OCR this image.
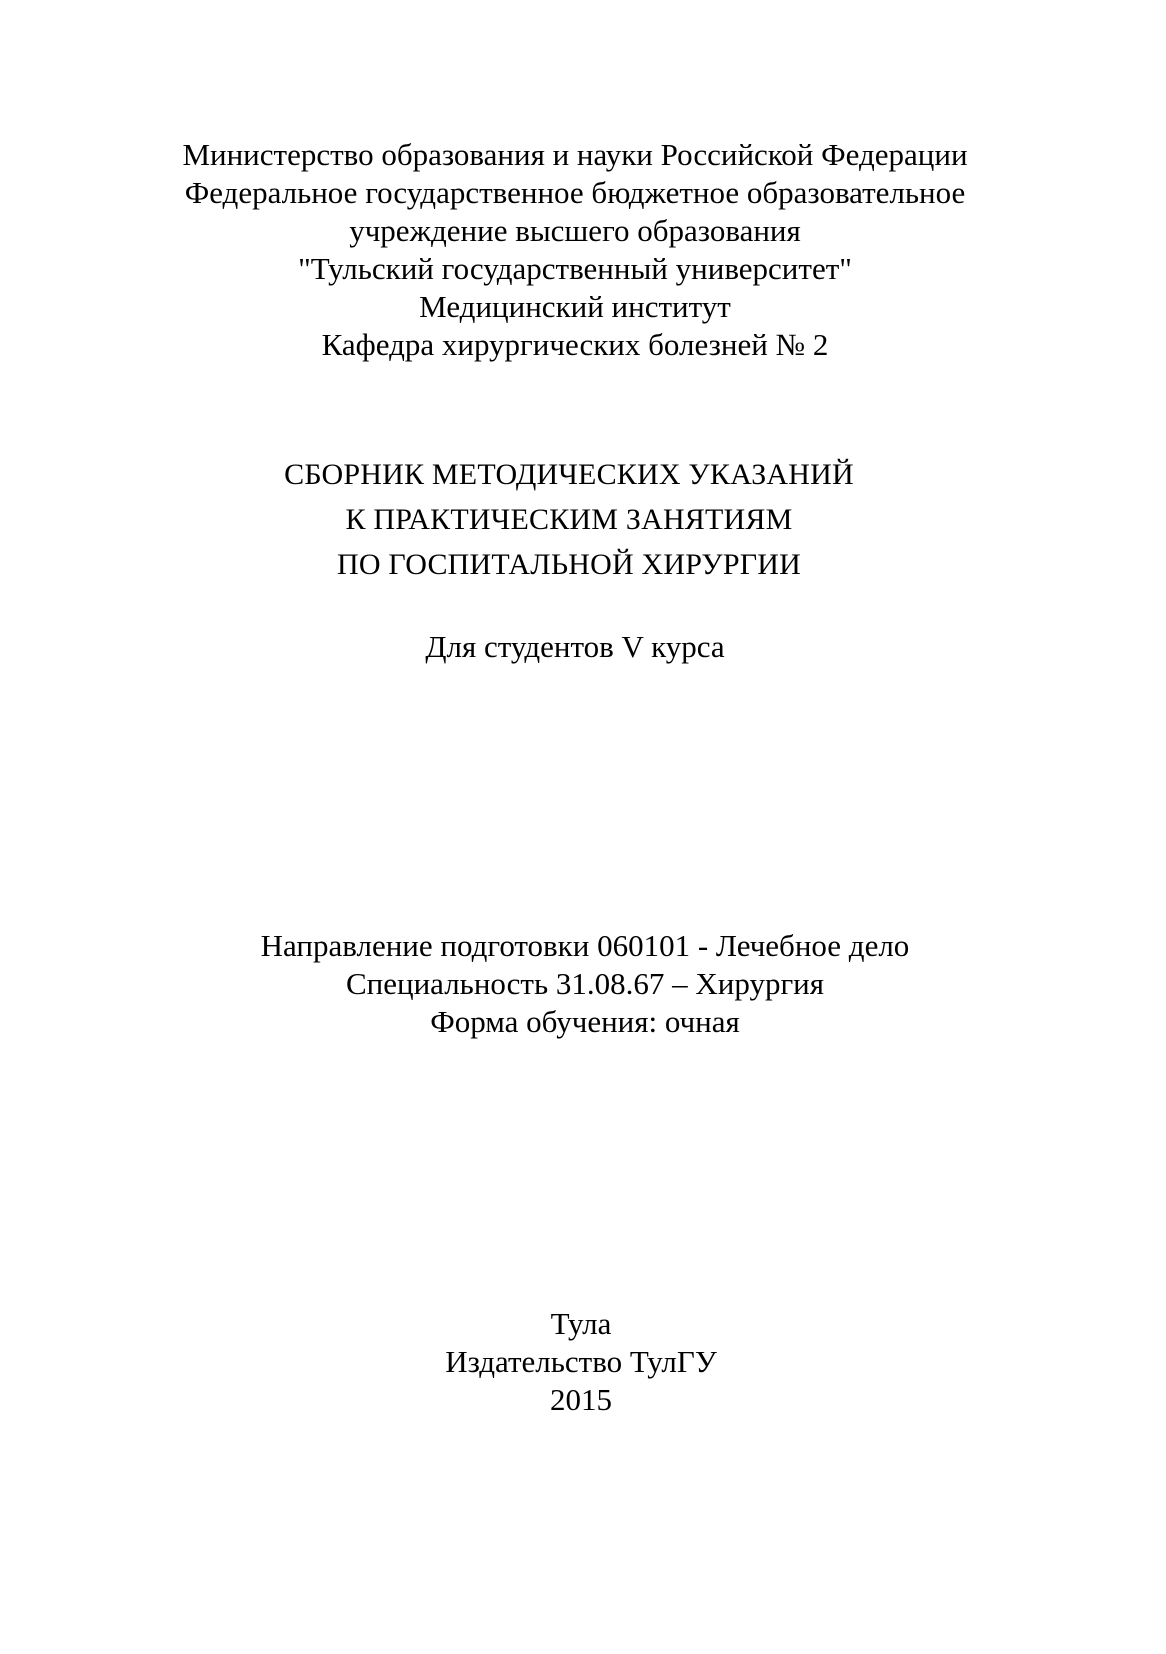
Министерство образования и науки Российской Федерации
Федеральное государственное бюджетное образовательное
учреждение высшего образования
"Тульский государственный университет"
Медицинский институт
Кафедра хирургических болезней № 2
СБОРНИК МЕТОДИЧЕСКИХ УКАЗАНИЙ
К ПРАКТИЧЕСКИМ ЗАНЯТИЯМ
ПО ГОСПИТАЛЬНОЙ ХИРУРГИИ
Для студентов V курса
Направление подготовки 060101 - Лечебное дело
Специальность 31.08.67 – Хирургия
Форма обучения: очная
Тула
Издательство ТулГУ
2015
